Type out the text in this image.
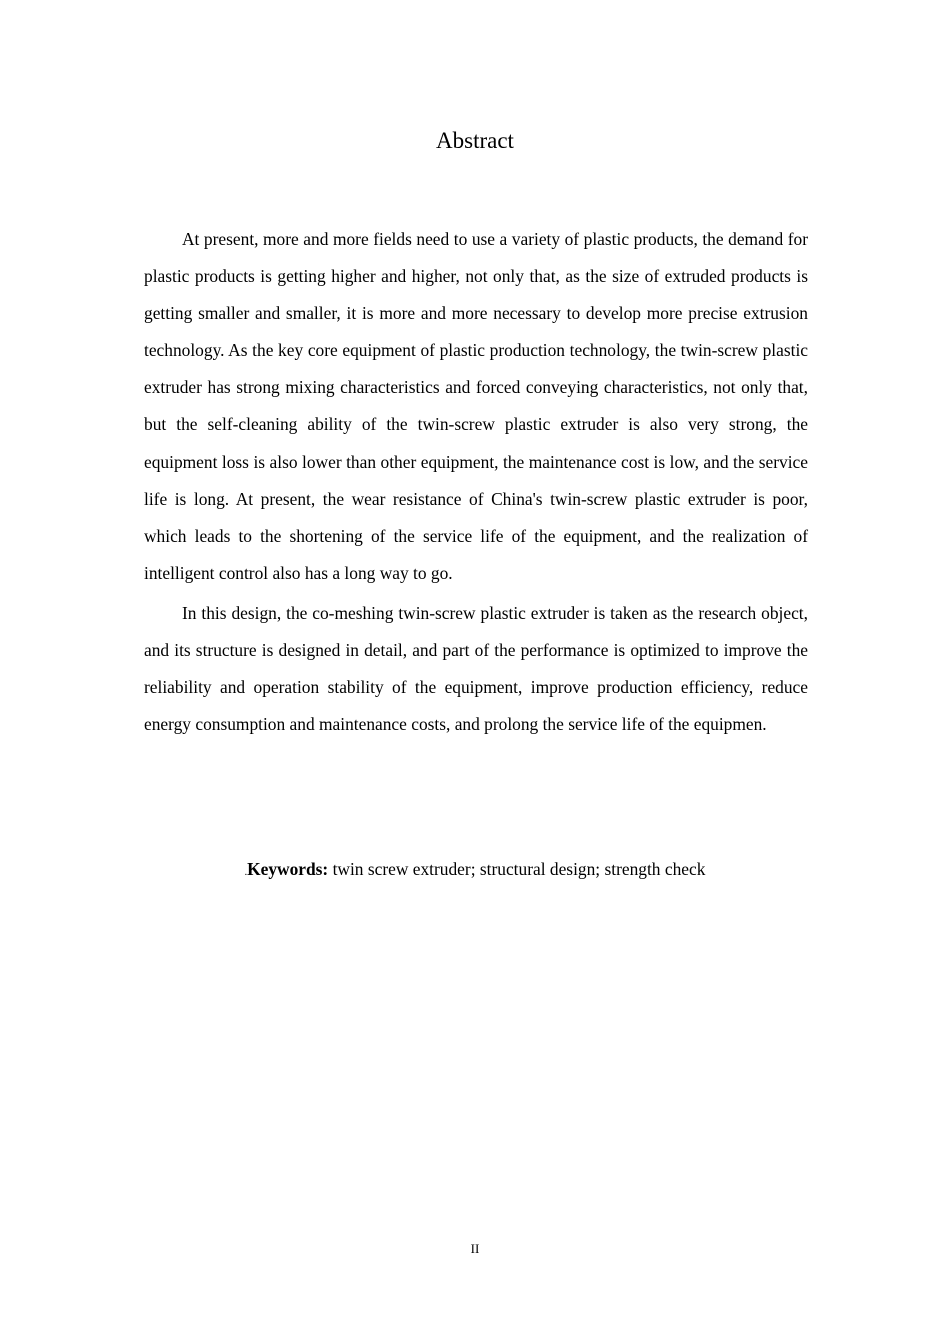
Abstract

At present, more and more fields need to use a variety of plastic products, the demand for plastic products is getting higher and higher, not only that, as the size of extruded products is getting smaller and smaller, it is more and more necessary to develop more precise extrusion technology. As the key core equipment of plastic production technology, the twin-screw plastic extruder has strong mixing characteristics and forced conveying characteristics, not only that, but the self-cleaning ability of the twin-screw plastic extruder is also very strong, the equipment loss is also lower than other equipment, the maintenance cost is low, and the service life is long. At present, the wear resistance of China's twin-screw plastic extruder is poor, which leads to the shortening of the service life of the equipment, and the realization of intelligent control also has a long way to go.

In this design, the co-meshing twin-screw plastic extruder is taken as the research object, and its structure is designed in detail, and part of the performance is optimized to improve the reliability and operation stability of the equipment, improve production efficiency, reduce energy consumption and maintenance costs, and prolong the service life of the equipmen.

.Keywords: twin screw extruder; structural design; strength check
II
